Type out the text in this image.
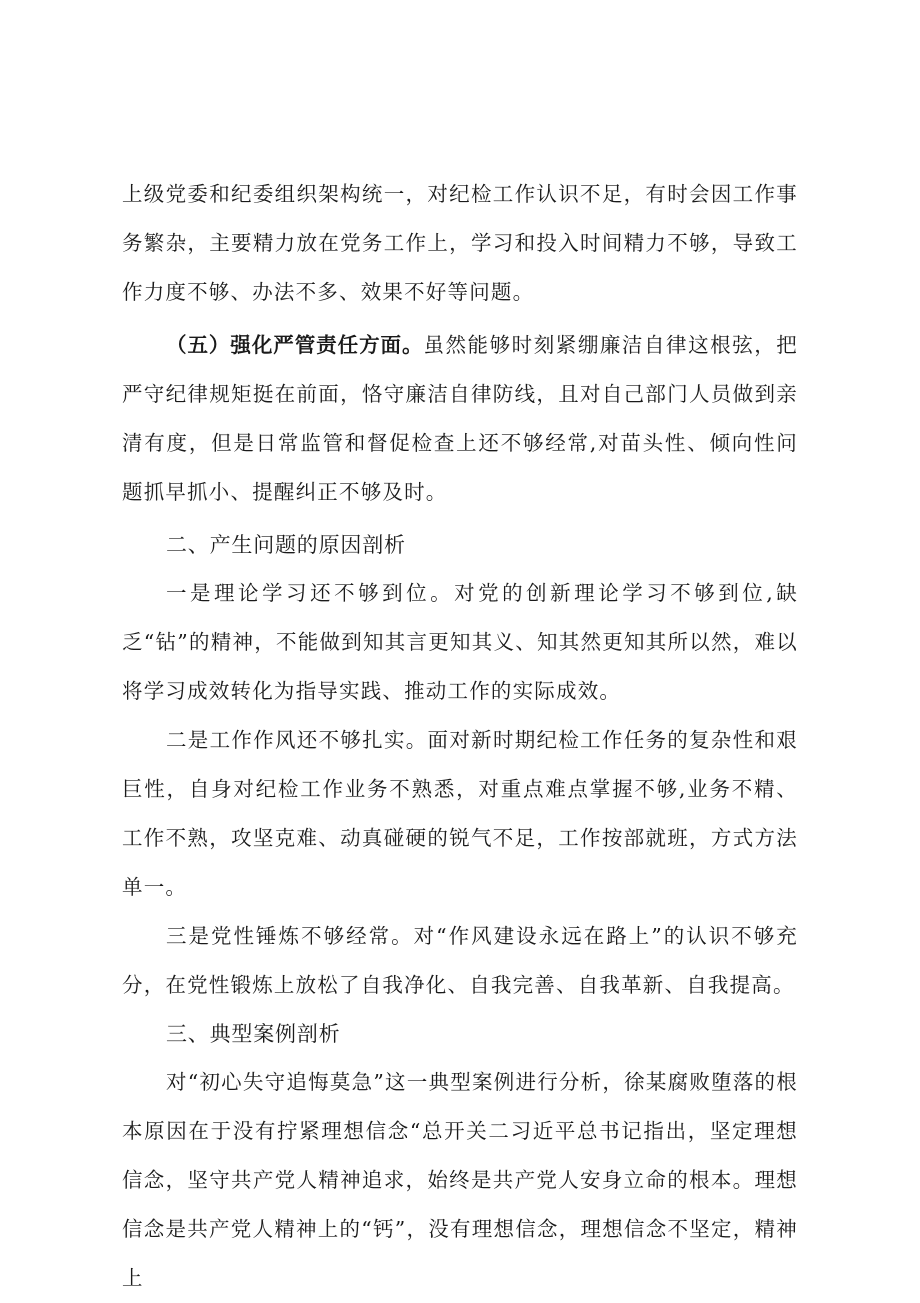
上级党委和纪委组织架构统一，对纪检工作认识不足，有时会因工作事务繁杂，主要精力放在党务工作上，学习和投入时间精力不够，导致工作力度不够、办法不多、效果不好等问题。

（五）强化严管责任方面。虽然能够时刻紧绷廉洁自律这根弦，把严守纪律规矩挺在前面，恪守廉洁自律防线，且对自己部门人员做到亲清有度，但是日常监管和督促检查上还不够经常,对苗头性、倾向性问题抓早抓小、提醒纠正不够及时。

二、产生问题的原因剖析

一是理论学习还不够到位。对党的创新理论学习不够到位,缺乏“钻”的精神，不能做到知其言更知其义、知其然更知其所以然，难以将学习成效转化为指导实践、推动工作的实际成效。

二是工作作风还不够扎实。面对新时期纪检工作任务的复杂性和艰巨性，自身对纪检工作业务不熟悉，对重点难点掌握不够,业务不精、工作不熟，攻坚克难、动真碰硬的锐气不足，工作按部就班，方式方法单一。

三是党性锤炼不够经常。对“作风建设永远在路上”的认识不够充分，在党性锻炼上放松了自我净化、自我完善、自我革新、自我提高。

三、典型案例剖析

对“初心失守追悔莫急”这一典型案例进行分析，徐某腐败堕落的根本原因在于没有拧紧理想信念“总开关二习近平总书记指出，坚定理想信念，坚守共产党人精神追求，始终是共产党人安身立命的根本。理想信念是共产党人精神上的“钙”，没有理想信念，理想信念不坚定，精神上
